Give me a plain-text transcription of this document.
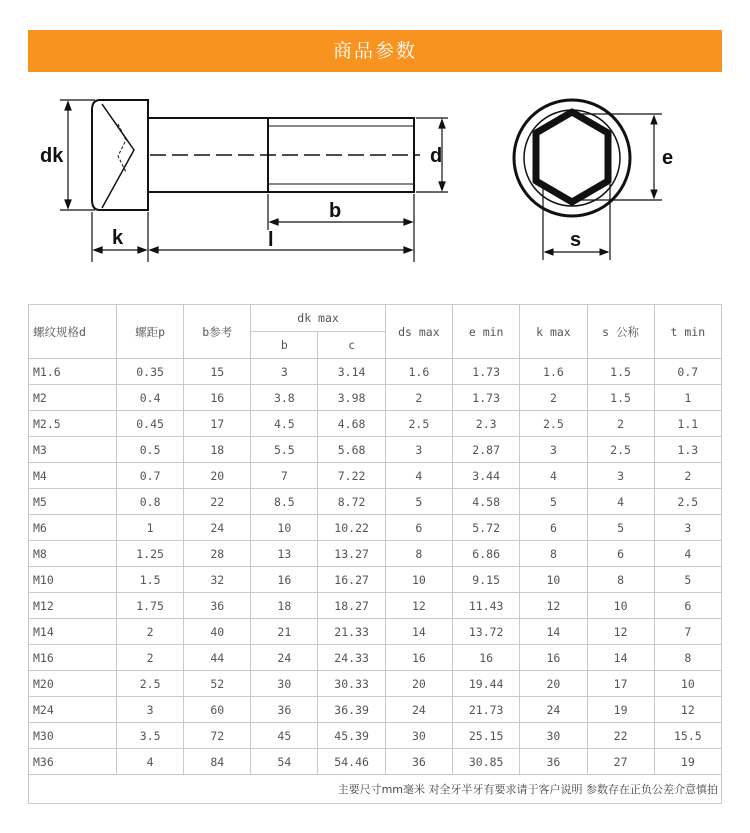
商品参数
dk	d
k
b
l
e
s
螺纹规格d	螺距p	b参考	dk max		ds max	e min	k max	s 公称	t min
			b	c					
M1.6	0.35	15	3	3.14	1.6	1.73	1.6	1.5	0.7
M2	0.4	16	3.8	3.98	2	1.73	2	1.5	1
M2.5	0.45	17	4.5	4.68	2.5	2.3	2.5	2	1.1
M3	0.5	18	5.5	5.68	3	2.87	3	2.5	1.3
M4	0.7	20	7	7.22	4	3.44	4	3	2
M5	0.8	22	8.5	8.72	5	4.58	5	4	2.5
M6	1	24	10	10.22	6	5.72	6	5	3
M8	1.25	28	13	13.27	8	6.86	8	6	4
M10	1.5	32	16	16.27	10	9.15	10	8	5
M12	1.75	36	18	18.27	12	11.43	12	10	6
M14	2	40	21	21.33	14	13.72	14	12	7
M16	2	44	24	24.33	16	16	16	14	8
M20	2.5	52	30	30.33	20	19.44	20	17	10
M24	3	60	36	36.39	24	21.73	24	19	12
M30	3.5	72	45	45.39	30	25.15	30	22	15.5
M36	4	84	54	54.46	36	30.85	36	27	19
主要尺寸mm毫米 对全牙半牙有要求请于客户说明 参数存在正负公差介意慎拍									
